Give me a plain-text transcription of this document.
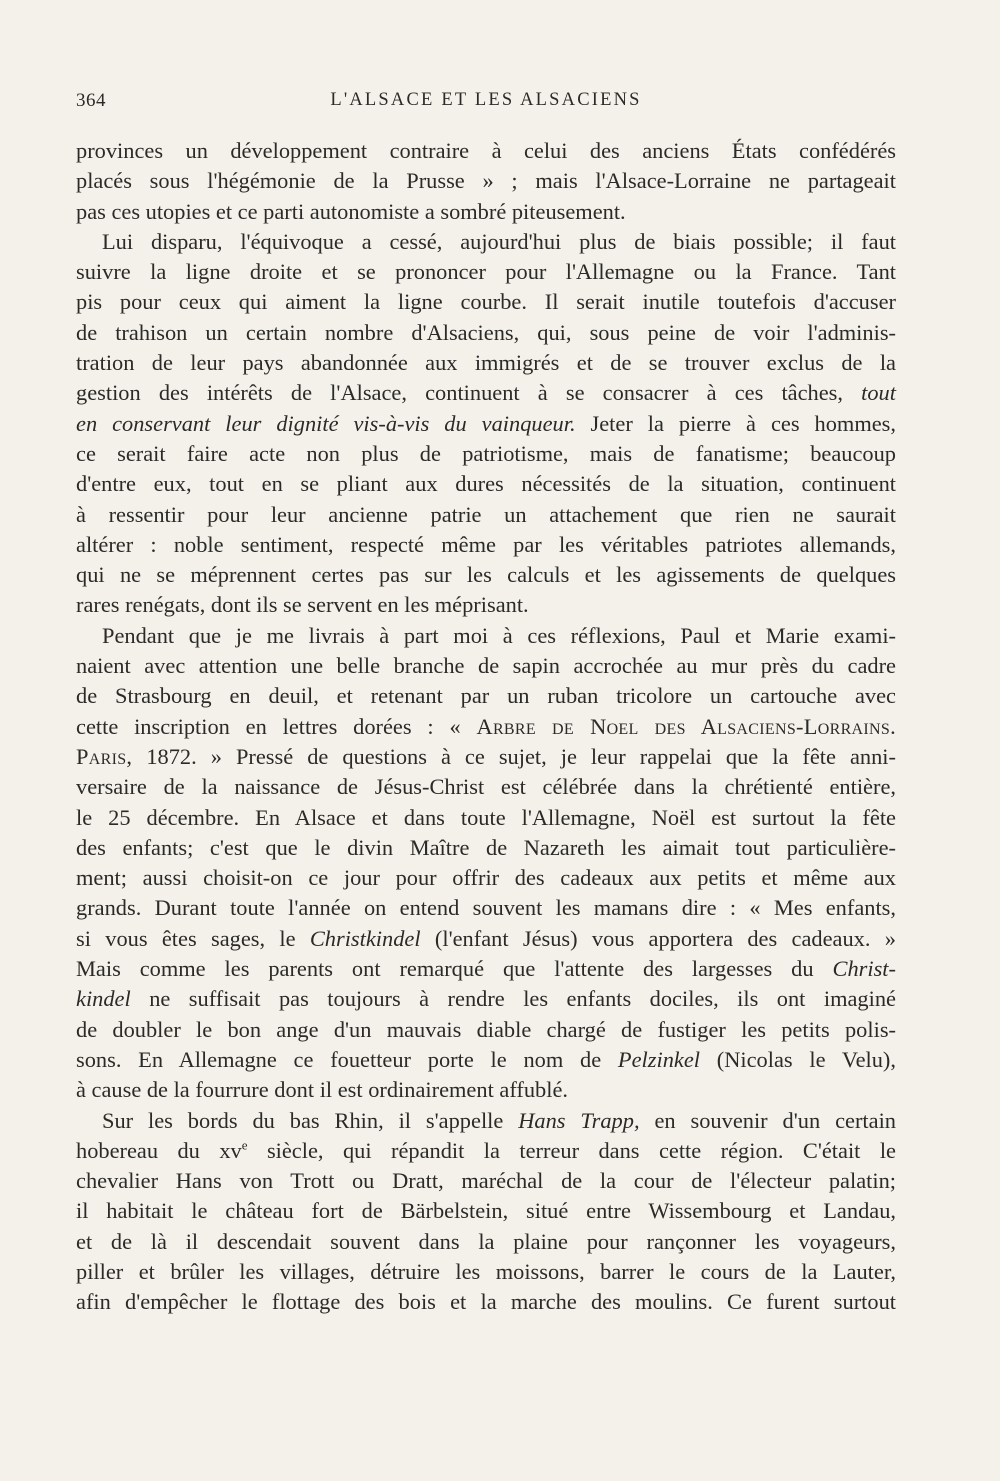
364	L'ALSACE ET LES ALSACIENS
provinces un développement contraire à celui des anciens États confédérés
placés sous l'hégémonie de la Prusse » ; mais l'Alsace-Lorraine ne partageait
pas ces utopies et ce parti autonomiste a sombré piteusement.
Lui disparu, l'équivoque a cessé, aujourd'hui plus de biais possible; il faut
suivre la ligne droite et se prononcer pour l'Allemagne ou la France. Tant
pis pour ceux qui aiment la ligne courbe. Il serait inutile toutefois d'accuser
de trahison un certain nombre d'Alsaciens, qui, sous peine de voir l'adminis-
tration de leur pays abandonnée aux immigrés et de se trouver exclus de la
gestion des intérêts de l'Alsace, continuent à se consacrer à ces tâches, tout
en conservant leur dignité vis-à-vis du vainqueur. Jeter la pierre à ces hommes,
ce serait faire acte non plus de patriotisme, mais de fanatisme; beaucoup
d'entre eux, tout en se pliant aux dures nécessités de la situation, continuent
à ressentir pour leur ancienne patrie un attachement que rien ne saurait
altérer : noble sentiment, respecté même par les véritables patriotes allemands,
qui ne se méprennent certes pas sur les calculs et les agissements de quelques
rares renégats, dont ils se servent en les méprisant.
Pendant que je me livrais à part moi à ces réflexions, Paul et Marie exami-
naient avec attention une belle branche de sapin accrochée au mur près du cadre
de Strasbourg en deuil, et retenant par un ruban tricolore un cartouche avec
cette inscription en lettres dorées : « Arbre de Noel des Alsaciens-Lorrains.
Paris, 1872. » Pressé de questions à ce sujet, je leur rappelai que la fête anni-
versaire de la naissance de Jésus-Christ est célébrée dans la chrétienté entière,
le 25 décembre. En Alsace et dans toute l'Allemagne, Noël est surtout la fête
des enfants; c'est que le divin Maître de Nazareth les aimait tout particulière-
ment; aussi choisit-on ce jour pour offrir des cadeaux aux petits et même aux
grands. Durant toute l'année on entend souvent les mamans dire : « Mes enfants,
si vous êtes sages, le Christkindel (l'enfant Jésus) vous apportera des cadeaux. »
Mais comme les parents ont remarqué que l'attente des largesses du Christ-
kindel ne suffisait pas toujours à rendre les enfants dociles, ils ont imaginé
de doubler le bon ange d'un mauvais diable chargé de fustiger les petits polis-
sons. En Allemagne ce fouetteur porte le nom de Pelzinkel (Nicolas le Velu),
à cause de la fourrure dont il est ordinairement affublé.
Sur les bords du bas Rhin, il s'appelle Hans Trapp, en souvenir d'un certain
hobereau du $xv^e$ siècle, qui répandit la terreur dans cette région. C'était le
chevalier Hans von Trott ou Dratt, maréchal de la cour de l'électeur palatin;
il habitait le château fort de Bärbelstein, situé entre Wissembourg et Landau,
et de là il descendait souvent dans la plaine pour rançonner les voyageurs,
piller et brûler les villages, détruire les moissons, barrer le cours de la Lauter,
afin d'empêcher le flottage des bois et la marche des moulins. Ce furent surtout
